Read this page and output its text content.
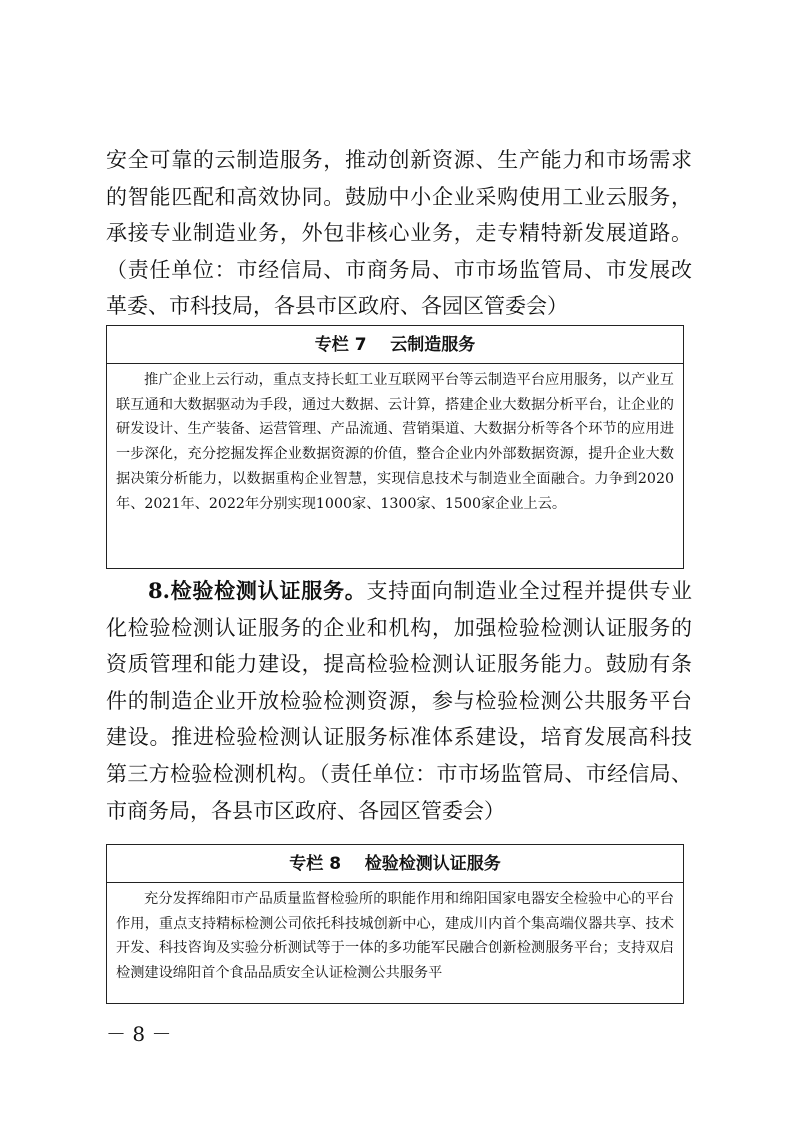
安全可靠的云制造服务，推动创新资源、生产能力和市场需求的智能匹配和高效协同。鼓励中小企业采购使用工业云服务，承接专业制造业务，外包非核心业务，走专精特新发展道路。（责任单位：市经信局、市商务局、市市场监管局、市发展改革委、市科技局，各县市区政府、各园区管委会）

专栏 7    云制造服务

推广企业上云行动，重点支持长虹工业互联网平台等云制造平台应用服务，以产业互联互通和大数据驱动为手段，通过大数据、云计算，搭建企业大数据分析平台，让企业的研发设计、生产装备、运营管理、产品流通、营销渠道、大数据分析等各个环节的应用进一步深化，充分挖掘发挥企业数据资源的价值，整合企业内外部数据资源，提升企业大数据决策分析能力，以数据重构企业智慧，实现信息技术与制造业全面融合。力争到2020年、2021年、2022年分别实现1000家、1300家、1500家企业上云。

8.检验检测认证服务。支持面向制造业全过程并提供专业化检验检测认证服务的企业和机构，加强检验检测认证服务的资质管理和能力建设，提高检验检测认证服务能力。鼓励有条件的制造企业开放检验检测资源，参与检验检测公共服务平台建设。推进检验检测认证服务标准体系建设，培育发展高科技第三方检验检测机构。（责任单位：市市场监管局、市经信局、市商务局，各县市区政府、各园区管委会）

专栏 8    检验检测认证服务

充分发挥绵阳市产品质量监督检验所的职能作用和绵阳国家电器安全检验中心的平台作用，重点支持精标检测公司依托科技城创新中心，建成川内首个集高端仪器共享、技术开发、科技咨询及实验分析测试等于一体的多功能军民融合创新检测服务平台；支持双启检测建设绵阳首个食品品质安全认证检测公共服务平

－ 8 －
